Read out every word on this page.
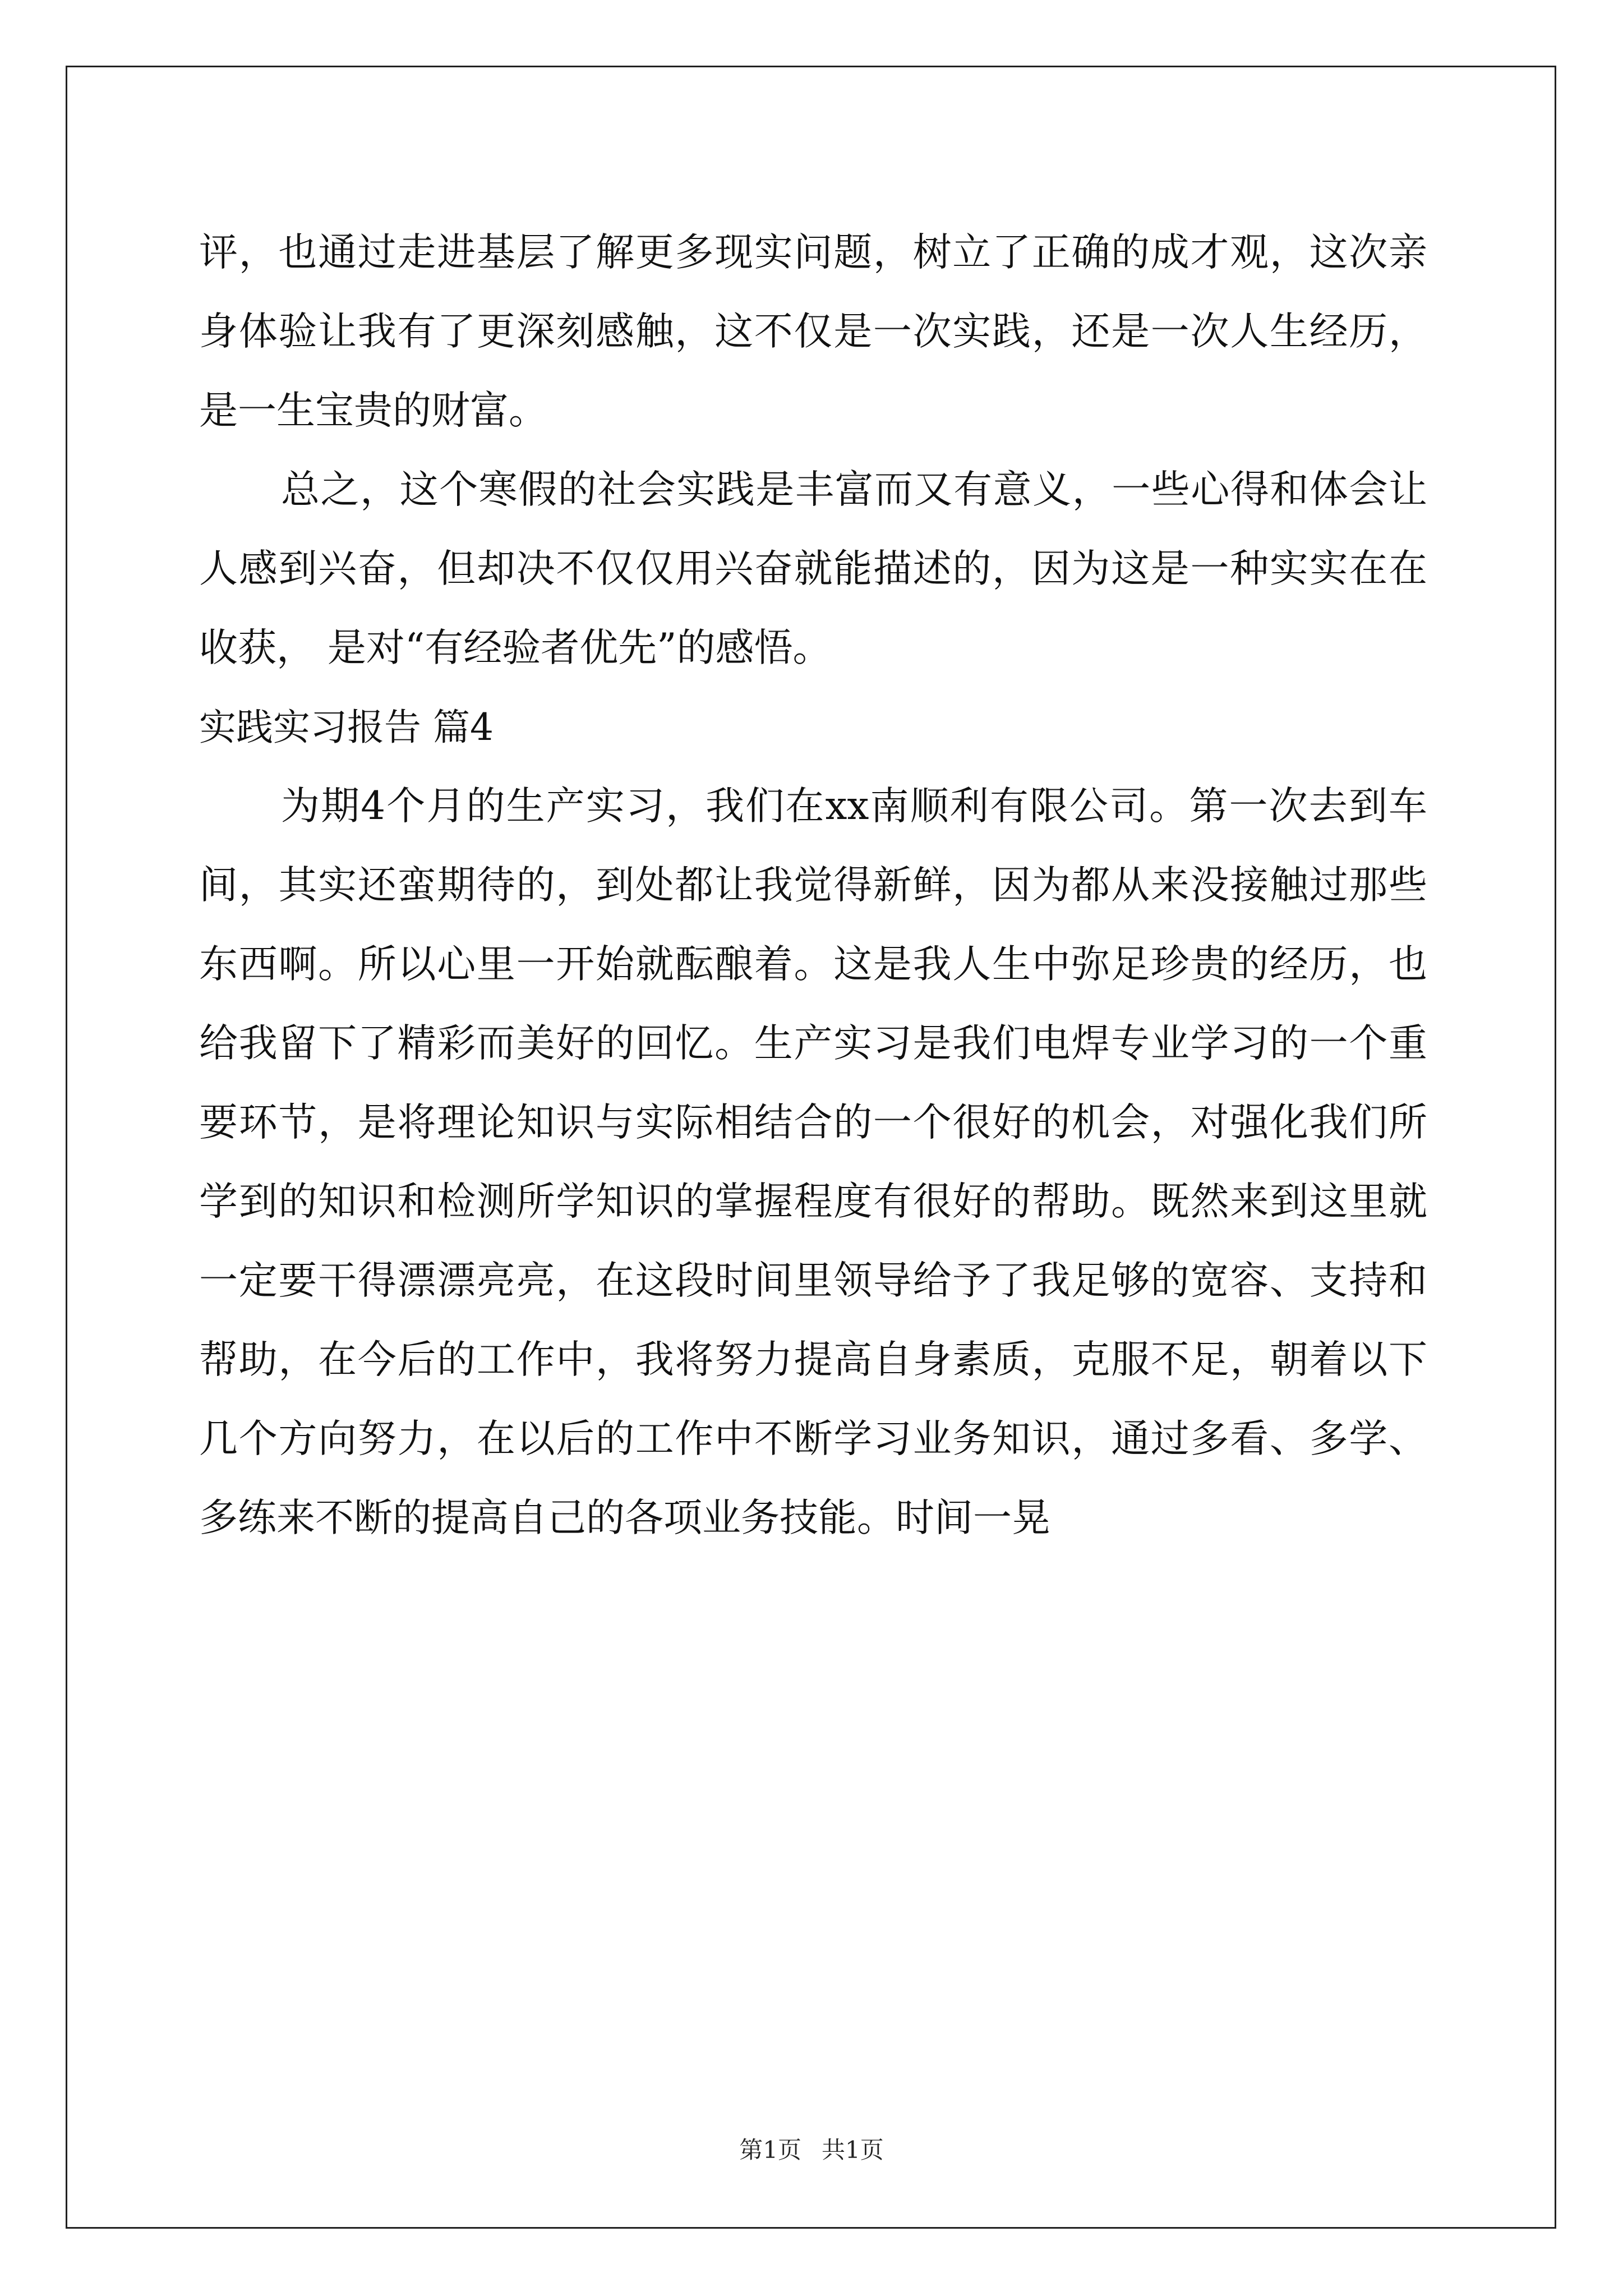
评，也通过走进基层了解更多现实问题，树立了正确的成才观，这次亲身体验让我有了更深刻感触，这不仅是一次实践，还是一次人生经历，是一生宝贵的财富。

总之，这个寒假的社会实践是丰富而又有意义，一些心得和体会让人感到兴奋，但却决不仅仅用兴奋就能描述的，因为这是一种实实在在收获， 是对“有经验者优先”的感悟。

实践实习报告 篇4

为期4个月的生产实习，我们在xx南顺利有限公司。第一次去到车间，其实还蛮期待的，到处都让我觉得新鲜，因为都从来没接触过那些东西啊。所以心里一开始就酝酿着。这是我人生中弥足珍贵的经历，也给我留下了精彩而美好的回忆。生产实习是我们电焊专业学习的一个重要环节，是将理论知识与实际相结合的一个很好的机会，对强化我们所学到的知识和检测所学知识的掌握程度有很好的帮助。既然来到这里就一定要干得漂漂亮亮，在这段时间里领导给予了我足够的宽容、支持和帮助，在今后的工作中，我将努力提高自身素质，克服不足，朝着以下几个方向努力，在以后的工作中不断学习业务知识，通过多看、多学、多练来不断的提高自己的各项业务技能。时间一晃

第1页 共1页
